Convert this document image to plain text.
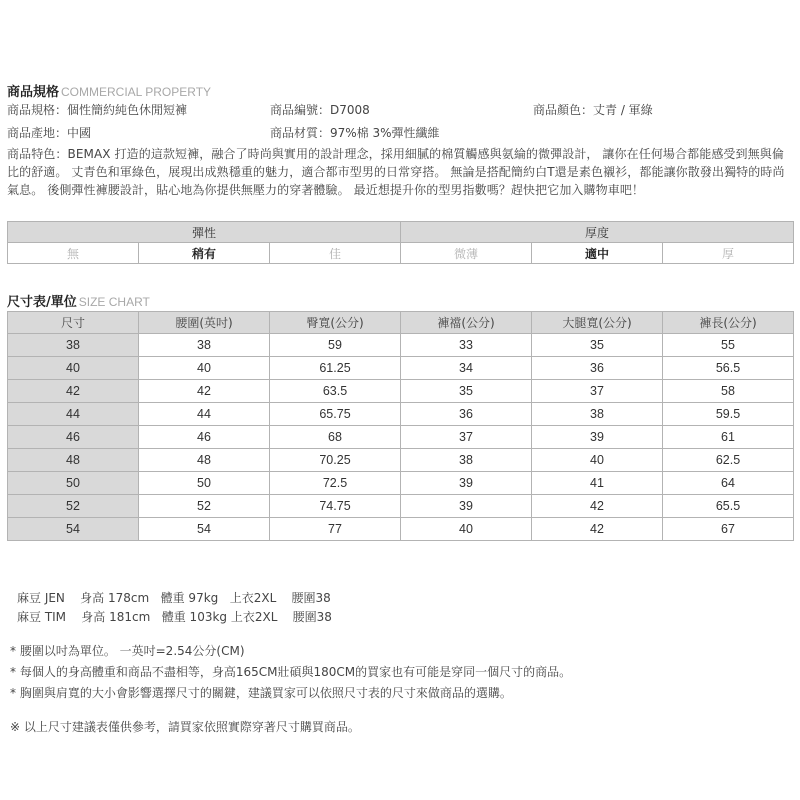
商品規格 COMMERCIAL PROPERTY
商品規格：個性簡約純色休閒短褲	商品編號：D7008	商品顏色：丈青 / 軍綠
商品產地：中國	商品材質：97%棉 3%彈性纖維
商品特色：BEMAX 打造的這款短褲，融合了時尚與實用的設計理念，採用細膩的棉質觸感與氨綸的微彈設計， 讓你在任何場合都能感受到無與倫比的舒適。 丈青色和軍綠色，展現出成熟穩重的魅力，適合都市型男的日常穿搭。 無論是搭配簡約白T還是素色襯衫，都能讓你散發出獨特的時尚氣息。 後側彈性褲腰設計，貼心地為你提供無壓力的穿著體驗。 最近想提升你的型男指數嗎？趕快把它加入購物車吧！
彈性			厚度		
無	稍有	佳	微薄	適中	厚
尺寸表/單位 SIZE CHART
尺寸	腰圍(英吋)	臀寬(公分)	褲襠(公分)	大腿寬(公分)	褲長(公分)
38	38	59	33	35	55
40	40	61.25	34	36	56.5
42	42	63.5	35	37	58
44	44	65.75	36	38	59.5
46	46	68	37	39	61
48	48	70.25	38	40	62.5
50	50	72.5	39	41	64
52	52	74.75	39	42	65.5
54	54	77	40	42	67
麻豆 JEN    身高 178cm   體重 97kg   上衣2XL    腰圍38
麻豆 TIM    身高 181cm   體重 103kg 上衣2XL    腰圍38
* 腰圍以吋為單位。 一英吋=2.54公分(CM)
* 每個人的身高體重和商品不盡相等，身高165CM壯碩與180CM的買家也有可能是穿同一個尺寸的商品。
* 胸圍與肩寬的大小會影響選擇尺寸的關鍵，建議買家可以依照尺寸表的尺寸來做商品的選購。
※ 以上尺寸建議表僅供參考，請買家依照實際穿著尺寸購買商品。
